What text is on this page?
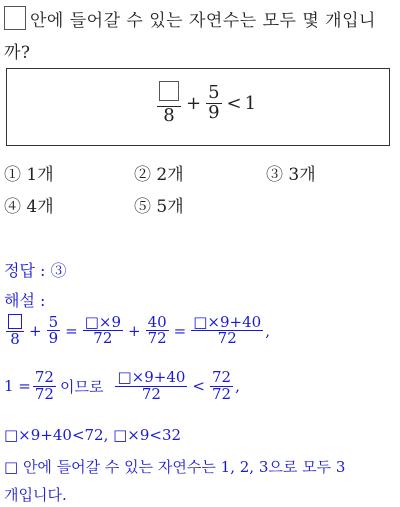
안에 들어갈 수 있는 자연수는 모두 몇 개입니
까?
8
+ $\frac{5}{9} < 1$
① 1개	② 2개	③ 3개
④ 4개	⑤ 5개
정답 : ③
해설 :
$8 + \frac{5}{9} = \frac{□\times 9}{72} + \frac{40}{72} = \frac{□\times 9+40}{72}$ ,
$1 = \frac{72}{72}$ 이므로 $\frac{□\times 9+40}{72} < \frac{72}{72}$ ,
□×9+40<72, □×9<32
□ 안에 들어갈 수 있는 자연수는 1, 2, 3으로 모두 3
개입니다.
